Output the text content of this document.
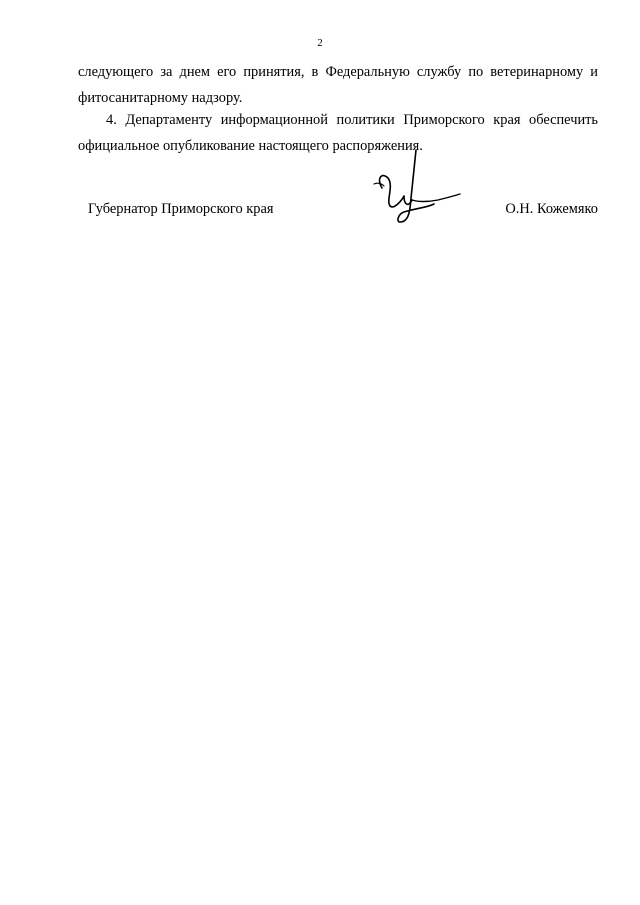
2
следующего за днем его принятия, в Федеральную службу по ветеринарному и
фитосанитарному надзору.
4. Департаменту информационной политики Приморского края обеспечить
официальное опубликование настоящего распоряжения.
Губернатор Приморского края	О.Н. Кожемяко
